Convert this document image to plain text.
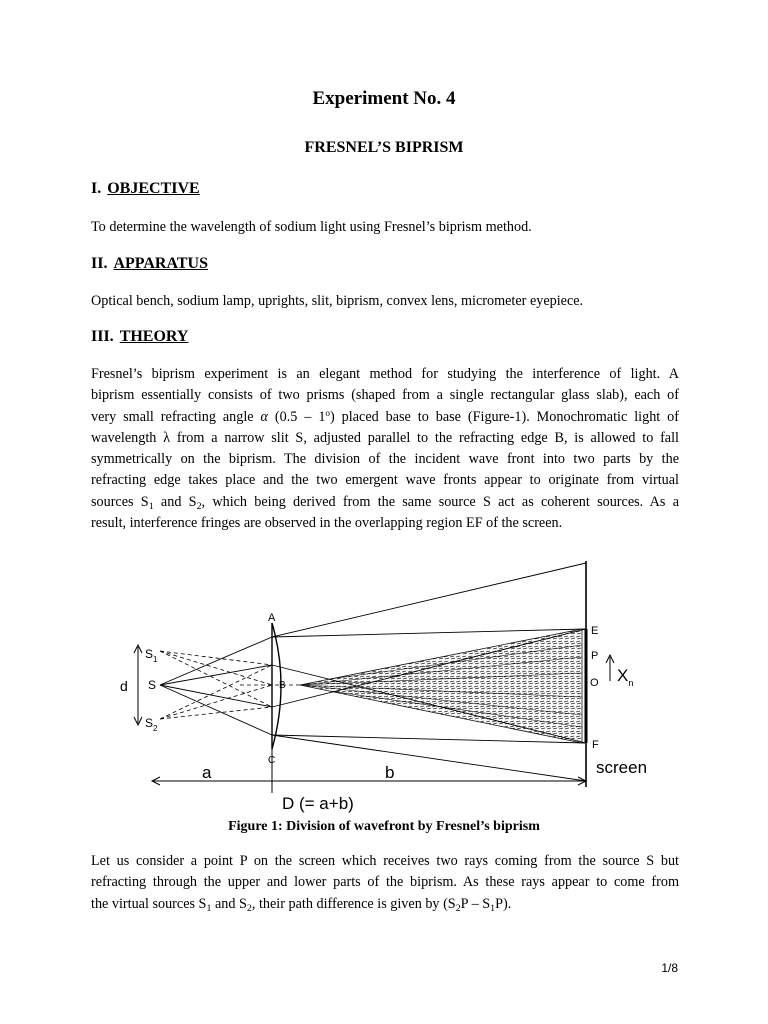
Experiment No. 4
FRESNEL’S BIPRISM
I. OBJECTIVE
To determine the wavelength of sodium light using Fresnel’s biprism method.
II. APPARATUS
Optical bench, sodium lamp, uprights, slit, biprism, convex lens, micrometer eyepiece.
III. THEORY
Fresnel’s biprism experiment is an elegant method for studying the interference of light. A
biprism essentially consists of two prisms (shaped from a single rectangular glass slab), each of
very small refracting angle α (0.5 – 1$^o$) placed base to base (Figure-1). Monochromatic light of
wavelength λ from a narrow slit S, adjusted parallel to the refracting edge B, is allowed to fall
symmetrically on the biprism. The division of the incident wave front into two parts by the
refracting edge takes place and the two emergent wave fronts appear to originate from virtual
sources $S_1$ and $S_2$, which being derived from the same source S act as coherent sources. As a
result, interference fringes are observed in the overlapping region EF of the screen.
A
B
C
$S_1$
S
$S_2$
d
E
P
O
F
$X_n$
a	b	screen
D (= a+b)
Figure 1: Division of wavefront by Fresnel’s biprism
Let us consider a point P on the screen which receives two rays coming from the source S but
refracting through the upper and lower parts of the biprism. As these rays appear to come from
the virtual sources $S_1$ and $S_2$, their path difference is given by $(S_2P - S_1P)$.
1/8
